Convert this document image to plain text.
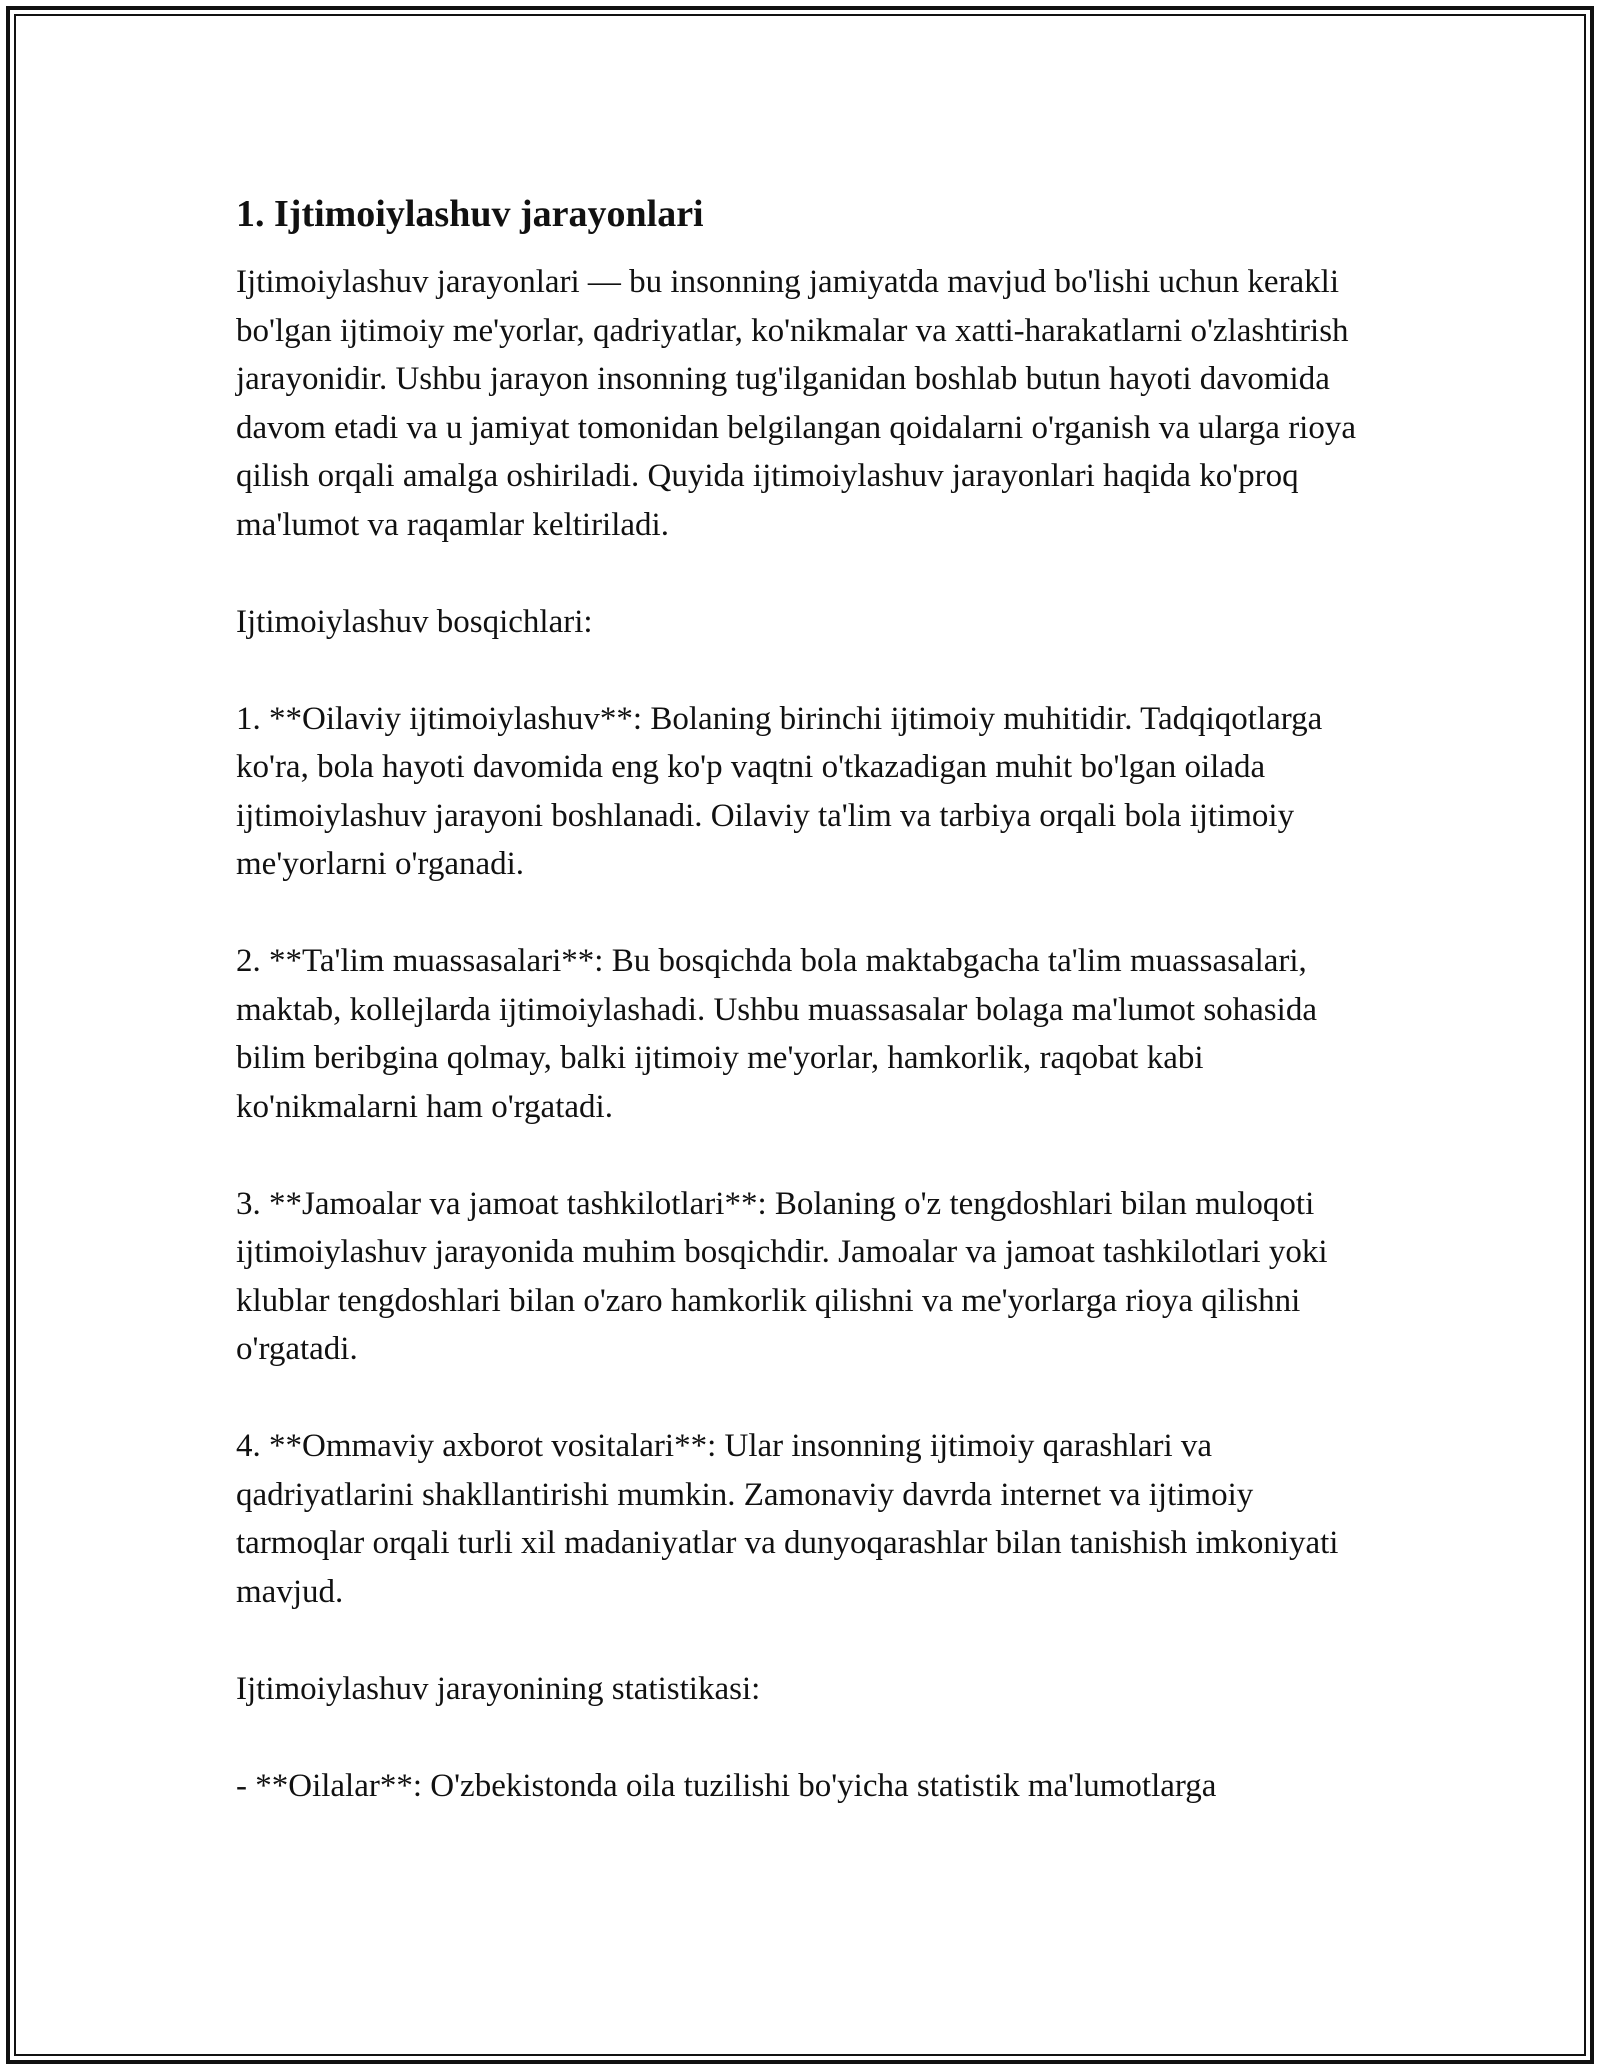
1. Ijtimoiylashuv jarayonlari

Ijtimoiylashuv jarayonlari — bu insonning jamiyatda mavjud bo'lishi uchun kerakli bo'lgan ijtimoiy me'yorlar, qadriyatlar, ko'nikmalar va xatti-harakatlarni o'zlashtirish jarayonidir. Ushbu jarayon insonning tug'ilganidan boshlab butun hayoti davomida davom etadi va u jamiyat tomonidan belgilangan qoidalarni o'rganish va ularga rioya qilish orqali amalga oshiriladi. Quyida ijtimoiylashuv jarayonlari haqida ko'proq ma'lumot va raqamlar keltiriladi.

Ijtimoiylashuv bosqichlari:

1. **Oilaviy ijtimoiylashuv**: Bolaning birinchi ijtimoiy muhitidir. Tadqiqotlarga ko'ra, bola hayoti davomida eng ko'p vaqtni o'tkazadigan muhit bo'lgan oilada ijtimoiylashuv jarayoni boshlanadi. Oilaviy ta'lim va tarbiya orqali bola ijtimoiy me'yorlarni o'rganadi.

2. **Ta'lim muassasalari**: Bu bosqichda bola maktabgacha ta'lim muassasalari, maktab, kollejlarda ijtimoiylashadi. Ushbu muassasalar bolaga ma'lumot sohasida bilim beribgina qolmay, balki ijtimoiy me'yorlar, hamkorlik, raqobat kabi ko'nikmalarni ham o'rgatadi.

3. **Jamoalar va jamoat tashkilotlari**: Bolaning o'z tengdoshlari bilan muloqoti ijtimoiylashuv jarayonida muhim bosqichdir. Jamoalar va jamoat tashkilotlari yoki klublar tengdoshlari bilan o'zaro hamkorlik qilishni va me'yorlarga rioya qilishni o'rgatadi.

4. **Ommaviy axborot vositalari**: Ular insonning ijtimoiy qarashlari va qadriyatlarini shakllantirishi mumkin. Zamonaviy davrda internet va ijtimoiy tarmoqlar orqali turli xil madaniyatlar va dunyoqarashlar bilan tanishish imkoniyati mavjud.

Ijtimoiylashuv jarayonining statistikasi:

- **Oilalar**: O'zbekistonda oila tuzilishi bo'yicha statistik ma'lumotlarga
